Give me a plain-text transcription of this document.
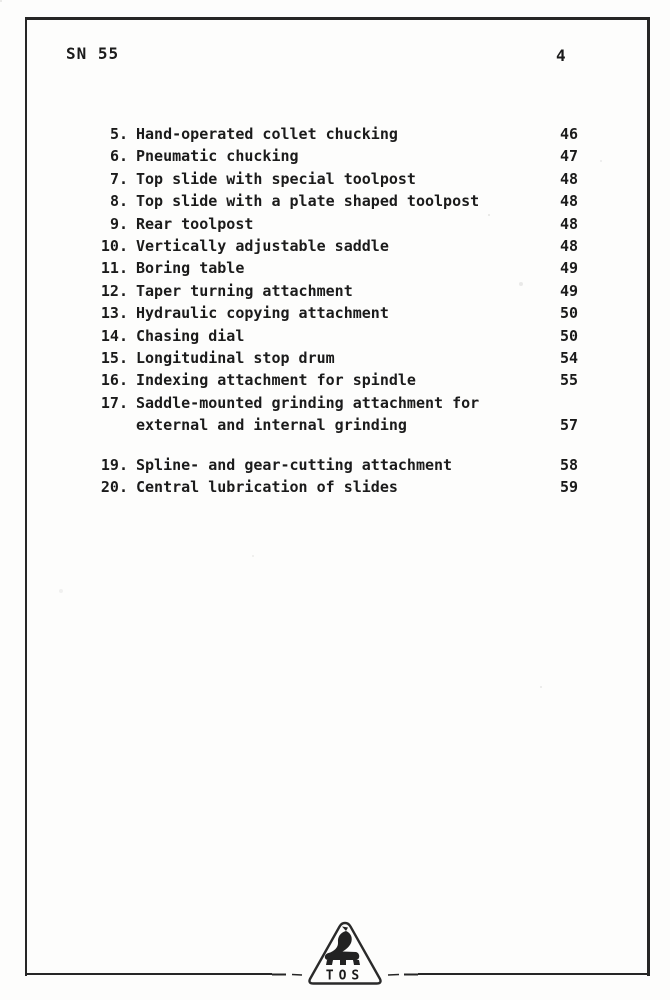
SN 55	4
5. Hand-operated collet chucking	46
6. Pneumatic chucking	47
7. Top slide with special toolpost	48
8. Top slide with a plate shaped toolpost	48
9. Rear toolpost	48
10. Vertically adjustable saddle	48
11. Boring table	49
12. Taper turning attachment	49
13. Hydraulic copying attachment	50
14. Chasing dial	50
15. Longitudinal stop drum	54
16. Indexing attachment for spindle	55
17. Saddle-mounted grinding attachment for
external and internal grinding	57
19. Spline- and gear-cutting attachment	58
20. Central lubrication of slides	59
TOS
